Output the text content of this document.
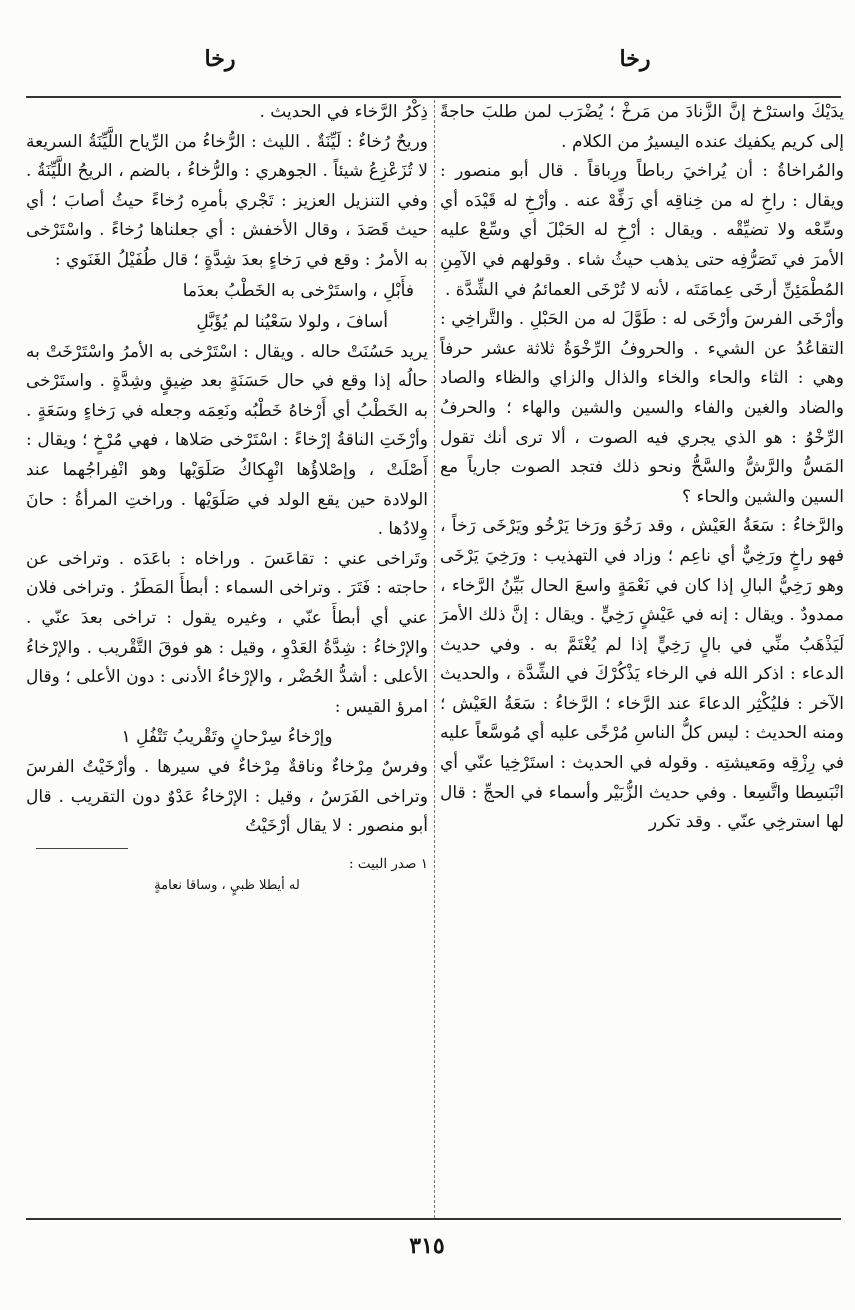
رخا
رخا

يدَيْكَ واسترْخ إنَّ الزَّنادَ من مَرخْ ؛ يُضْرَب لمن طلبَ حاجةً إلى كريم يكفيك عنده اليسيرُ من الكلام .

والمُراخاةُ : أن يُراخيَ رباطاً ورِباقاً . قال أبو منصور : ويقال : راخِ له من خِناقِه أي رَفِّهْ عنه . وأرْخِ له قَيْدَه أي وسِّعْه ولا تضيِّقْه . ويقال : أرْخِ له الحَبْلَ أي وسِّعْ عليه الأمرَ في تَصَرُّفِه حتى يذهب حيثُ شاء . وقولهم في الآمِنِ المُطْمَئِنِّ أرخَى عِمامَتَه ، لأنه لا تُرْخَى العمائمُ في الشِّدَّة .

وأرْخَى الفرسَ وأرْخَى له : طَوَّلَ له من الحَبْلِ . والتَّراخِي : التقاعُدُ عن الشيء . والحروفُ الرِّخْوَةُ ثلاثة عشر حرفاً وهي : الثاء والحاء والخاء والذال والزاي والظاء والصاد والضاد والغين والفاء والسين والشين والهاء ؛ والحرفُ الرِّخْوُ : هو الذي يجري فيه الصوت ، ألا ترى أنك تقول المَسُّ والرَّشُّ والسَّحُّ ونحو ذلك فتجد الصوت جارياً مع السين والشين والحاء ؟

والرَّخاءُ : سَعَةُ العَيْش ، وقد رَخُوَ ورَخا يَرْخُو ويَرْخَى رَخاً ، فهو راخٍ ورَخِيٌّ أي ناعِم ؛ وزاد في التهذيب : ورَخِيَ يَرْخَى وهو رَخِيُّ البالِ إذا كان في نَعْمَةٍ واسعَ الحال بَيِّنُ الرَّخاء ، ممدودٌ . ويقال : إنه في عَيْشٍ رَخِيٍّ . ويقال : إنَّ ذلك الأمرَ لَيَذْهَبُ منِّي في بالٍ رَخِيٍّ إذا لم يُغْتَمَّ به . وفي حديث الدعاء : اذكر الله في الرخاء يَذْكُرْكَ في الشِّدَّة ، والحديث الآخر : فليُكْثِر الدعاءَ عند الرَّخاء ؛ الرَّخاءُ : سَعَةُ العَيْش ؛ ومنه الحديث : ليس كلُّ الناسِ مُرْخًى عليه أي مُوسَّعاً عليه في رِزْقِه ومَعيشتِه . وقوله في الحديث : استَرْخِيا عنّي أي انْبَسِطا واتَّسِعا . وفي حديث الزُّبَيْر وأسماء في الحجِّ : قال لها استرخِي عنّي . وقد تكرر

ذِكْرُ الرَّخاء في الحديث .

وريحٌ رُخاءٌ : لَيِّنَةٌ . الليث : الرُّخاءُ من الرِّياح اللَّيِّنَةُ السريعة لا تُزَعْزِعُ شيئاً . الجوهري : والرُّخاءُ ، بالضم ، الريحُ اللَّيِّنَةُ . وفي التنزيل العزيز : تَجْري بأمرِه رُخاءً حيثُ أصابَ ؛ أي حيث قَصَدَ ، وقال الأخفش : أي جعلناها رُخاءً . واسْتَرْخى به الأمرُ : وقع في رَخاءٍ بعدَ شِدَّةٍ ؛ قال طُفَيْلُ الغَنَوي :

فأَبْلِ ، واستَرْخى به الخَطْبُ بعدَما
أسافَ ، ولولا سَعْيُنا لم يُؤَبَّلِ

يريد حَسُنَتْ حاله . ويقال : اسْتَرْخى به الأمرُ واسْتَرْخَتْ به حالُه إذا وقع في حال حَسَنَةٍ بعد ضِيقٍ وشِدَّةٍ . واستَرْخى به الخَطْبُ أي أَرْخاهُ خَطْبُه ونَعِمَه وجعله في رَخاءٍ وسَعَةٍ . وأرْخَتِ الناقةُ إرْخاءً : اسْتَرْخى صَلاها ، فهي مُرْخٍ ؛ ويقال : أَصْلَتْ ، وإصْلاؤُها انْهِكاكُ صَلَوَيْها وهو انْفِراجُهما عند الولادة حين يقع الولد في صَلَوَيْها . وراختِ المرأةُ : حانَ وِلادُها .

وتَراخى عني : تقاعَسَ . وراخاه : باعَدَه . وتراخى عن حاجته : فَتَرَ . وتراخى السماء : أبطأَ المَطَرُ . وتراخى فلان عني أي أبطأَ عنّي ، وغيره يقول : تراخى بعدَ عنّي . والإرْخاءُ : شِدَّةُ العَدْوِ ، وقيل : هو فوقَ التَّقْريب . والإرْخاءُ الأعلى : أشدُّ الحُضْر ، والإرْخاءُ الأدنى : دون الأعلى ؛ وقال امرؤ القيس :

وإرْخاءُ سِرْحانٍ وتَقْريبُ تَتْفُلِ ١

وفرسٌ مِرْخاءٌ وناقةٌ مِرْخاءٌ في سيرها . وأرْخَيْتُ الفرسَ وتراخى الفَرَسُ ، وقيل : الإرْخاءُ عَدْوٌ دون التقريب . قال أبو منصور : لا يقال أرْخَيْتُ

١ صدر البيت :
له أيطلا ظبيٍ ، وساقا نعامةٍ
٣١٥
